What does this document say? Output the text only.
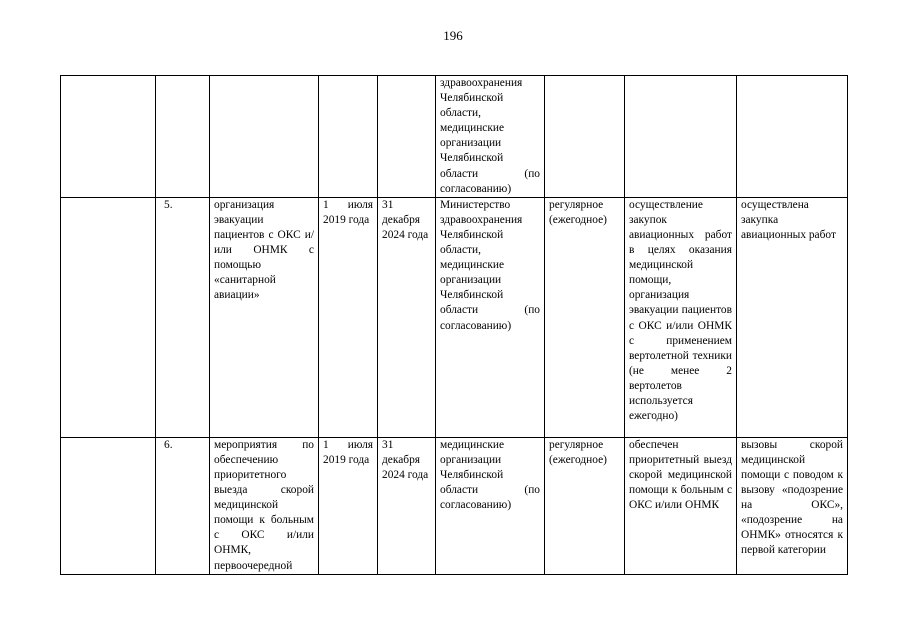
196
					здравоохранения Челябинской области, медицинские организации Челябинской области (по согласованию)			
	5.	организация эвакуации пациентов с ОКС и/или ОНМК с помощью «санитарной авиации»	1 июля 2019 года	31 декабря 2024 года	Министерство здравоохранения Челябинской области, медицинские организации Челябинской области (по согласованию)	регулярное (ежегодное)	осуществление закупок авиационных работ в целях оказания медицинской помощи, организация эвакуации пациентов с ОКС и/или ОНМК с применением вертолетной техники (не менее 2 вертолетов используется ежегодно)	осуществлена закупка авиационных работ
	6.	мероприятия по обеспечению приоритетного выезда скорой медицинской помощи к больным с ОКС и/или ОНМК, первоочередной	1 июля 2019 года	31 декабря 2024 года	медицинские организации Челябинской области (по согласованию)	регулярное (ежегодное)	обеспечен приоритетный выезд скорой медицинской помощи к больным с ОКС и/или ОНМК	вызовы скорой медицинской помощи с поводом к вызову «подозрение на ОКС», «подозрение на ОНМК» относятся к первой категории
